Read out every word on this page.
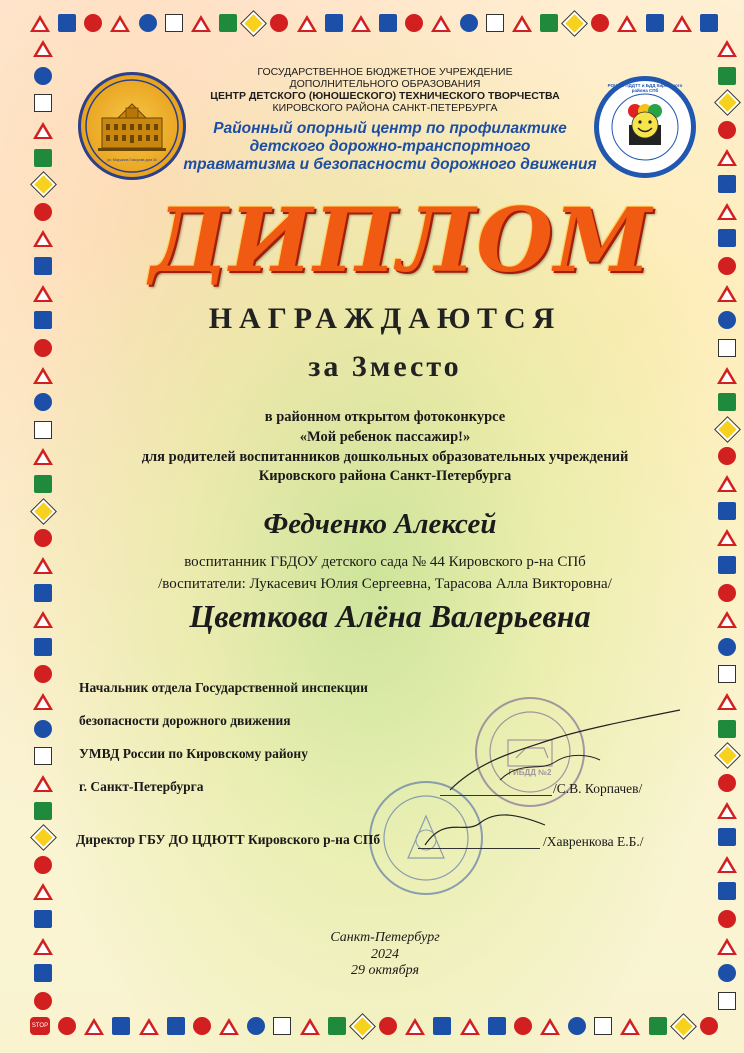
STOP
ул. Маршала Говорова дом 34
РОЦ по ПДДТТ и БДД Кировского района СПб
ГОСУДАРСТВЕННОЕ БЮДЖЕТНОЕ УЧРЕЖДЕНИЕ
ДОПОЛНИТЕЛЬНОГО ОБРАЗОВАНИЯ
ЦЕНТР ДЕТСКОГО (ЮНОШЕСКОГО) ТЕХНИЧЕСКОГО ТВОРЧЕСТВА
КИРОВСКОГО РАЙОНА САНКТ-ПЕТЕРБУРГА
Районный опорный центр по профилактике
детского дорожно-транспортного
травматизма и безопасности дорожного движения
ДИПЛОМ
НАГРАЖДАЮТСЯ
за 3место
в районном открытом фотоконкурсе
«Мой ребенок пассажир!»
для родителей воспитанников дошкольных образовательных учреждений
Кировского района Санкт-Петербурга
Федченко Алексей
воспитанник ГБДОУ детского сада № 44 Кировского р-на СПб
/воспитатели: Лукасевич Юлия Сергеевна, Тарасова Алла Викторовна/
Цветкова Алёна Валерьевна
ГИБДД №2
Начальник отдела Государственной инспекции
безопасности дорожного движения
УМВД России по Кировскому району
г. Санкт-Петербурга	/С.В. Корпачев/
Директор ГБУ ДО ЦДЮТТ Кировского р-на СПб	/Хавренкова Е.Б./
Санкт-Петербург
2024
29 октября
